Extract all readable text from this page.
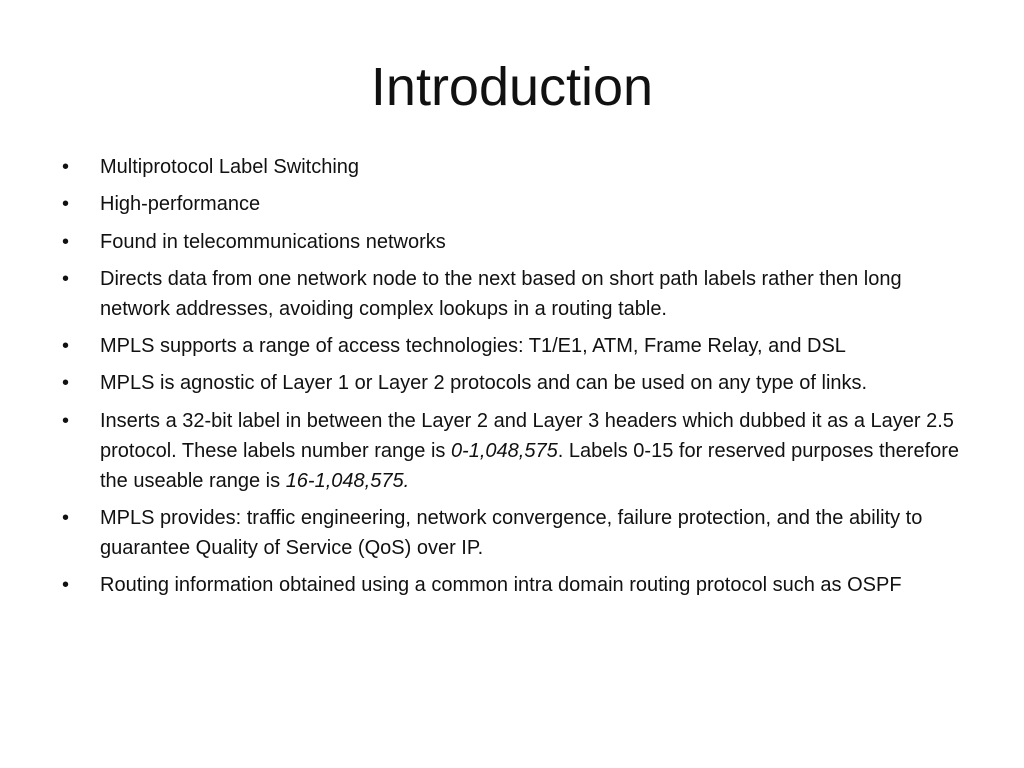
Introduction
•	Multiprotocol Label Switching
•	High-performance
•	Found in telecommunications networks
•	Directs data from one network node to the next based on short path labels rather then long network addresses, avoiding complex lookups in a routing table.
•	MPLS supports a range of access technologies: T1/E1, ATM, Frame Relay, and DSL
•	MPLS is agnostic of Layer 1 or Layer 2 protocols and can be used on any type of links.
•	Inserts a 32-bit label in between the Layer 2 and Layer 3 headers which dubbed it as a Layer 2.5 protocol. These labels number range is 0-1,048,575. Labels 0-15 for reserved purposes therefore the useable range is 16-1,048,575.
•	MPLS provides: traffic engineering, network convergence, failure protection, and the ability to guarantee Quality of Service (QoS) over IP.
•	Routing information obtained using a common intra domain routing protocol such as OSPF
